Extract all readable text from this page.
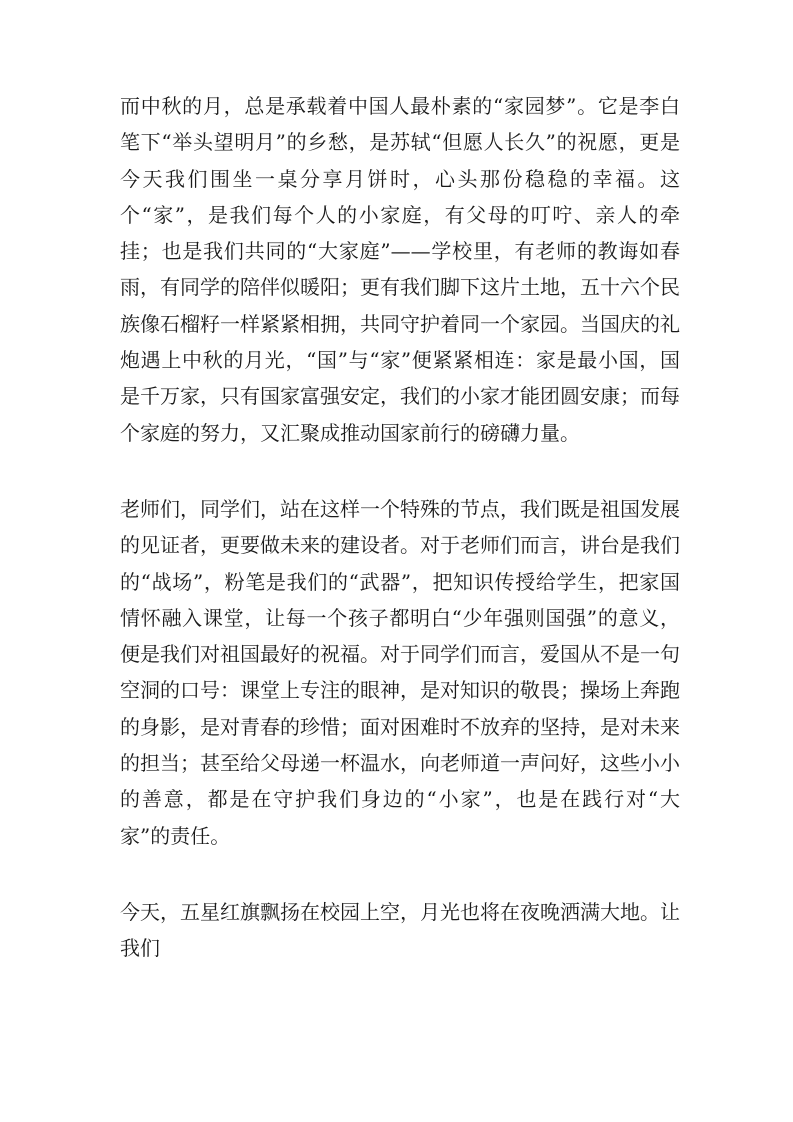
而中秋的月，总是承载着中国人最朴素的“家园梦”。它是李白笔下“举头望明月”的乡愁，是苏轼“但愿人长久”的祝愿，更是今天我们围坐一桌分享月饼时，心头那份稳稳的幸福。这个“家”，是我们每个人的小家庭，有父母的叮咛、亲人的牵挂；也是我们共同的“大家庭”——学校里，有老师的教诲如春雨，有同学的陪伴似暖阳；更有我们脚下这片土地，五十六个民族像石榴籽一样紧紧相拥，共同守护着同一个家园。当国庆的礼炮遇上中秋的月光，“国”与“家”便紧紧相连：家是最小国，国是千万家，只有国家富强安定，我们的小家才能团圆安康；而每个家庭的努力，又汇聚成推动国家前行的磅礴力量。

老师们，同学们，站在这样一个特殊的节点，我们既是祖国发展的见证者，更要做未来的建设者。对于老师们而言，讲台是我们的“战场”，粉笔是我们的“武器”，把知识传授给学生，把家国情怀融入课堂，让每一个孩子都明白“少年强则国强”的意义，便是我们对祖国最好的祝福。对于同学们而言，爱国从不是一句空洞的口号：课堂上专注的眼神，是对知识的敬畏；操场上奔跑的身影，是对青春的珍惜；面对困难时不放弃的坚持，是对未来的担当；甚至给父母递一杯温水，向老师道一声问好，这些小小的善意，都是在守护我们身边的“小家”，也是在践行对“大家”的责任。

今天，五星红旗飘扬在校园上空，月光也将在夜晚洒满大地。让我们
